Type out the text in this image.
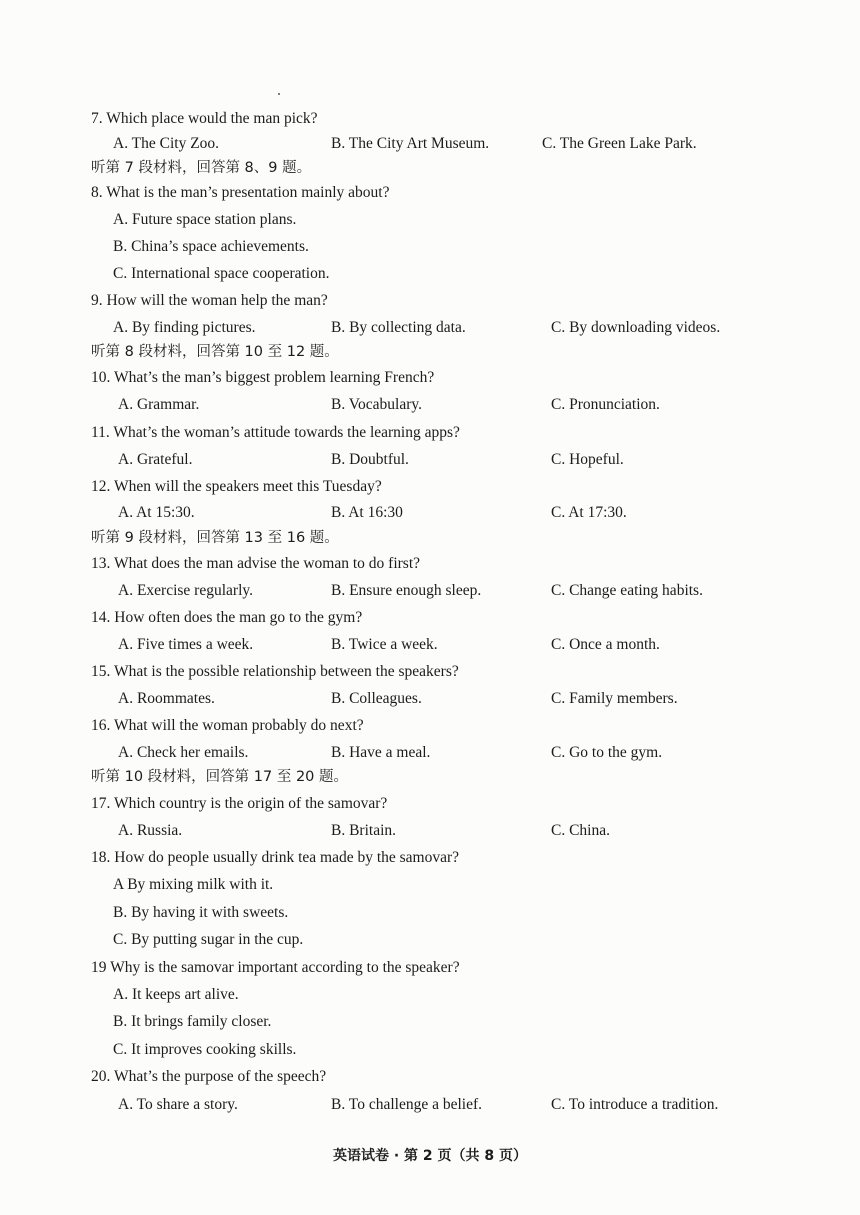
7. Which place would the man pick?
A. The City Zoo.	B. The City Art Museum.	C. The Green Lake Park.
听第 7 段材料，回答第 8、9 题。
8. What is the man’s presentation mainly about?
A. Future space station plans.
B. China’s space achievements.
C. International space cooperation.
9. How will the woman help the man?
A. By finding pictures.	B. By collecting data.	C. By downloading videos.
听第 8 段材料，回答第 10 至 12 题。
10. What’s the man’s biggest problem learning French?
A. Grammar.	B. Vocabulary.	C. Pronunciation.
11. What’s the woman’s attitude towards the learning apps?
A. Grateful.	B. Doubtful.	C. Hopeful.
12. When will the speakers meet this Tuesday?
A. At 15:30.	B. At 16:30	C. At 17:30.
听第 9 段材料，回答第 13 至 16 题。
13. What does the man advise the woman to do first?
A. Exercise regularly.	B. Ensure enough sleep.	C. Change eating habits.
14. How often does the man go to the gym?
A. Five times a week.	B. Twice a week.	C. Once a month.
15. What is the possible relationship between the speakers?
A. Roommates.	B. Colleagues.	C. Family members.
16. What will the woman probably do next?
A. Check her emails.	B. Have a meal.	C. Go to the gym.
听第 10 段材料，回答第 17 至 20 题。
17. Which country is the origin of the samovar?
A. Russia.	B. Britain.	C. China.
18. How do people usually drink tea made by the samovar?
A By mixing milk with it.
B. By having it with sweets.
C. By putting sugar in the cup.
19 Why is the samovar important according to the speaker?
A. It keeps art alive.
B. It brings family closer.
C. It improves cooking skills.
20. What’s the purpose of the speech?
A. To share a story.	B. To challenge a belief.	C. To introduce a tradition.
英语试卷 · 第 2 页（共 8 页）
